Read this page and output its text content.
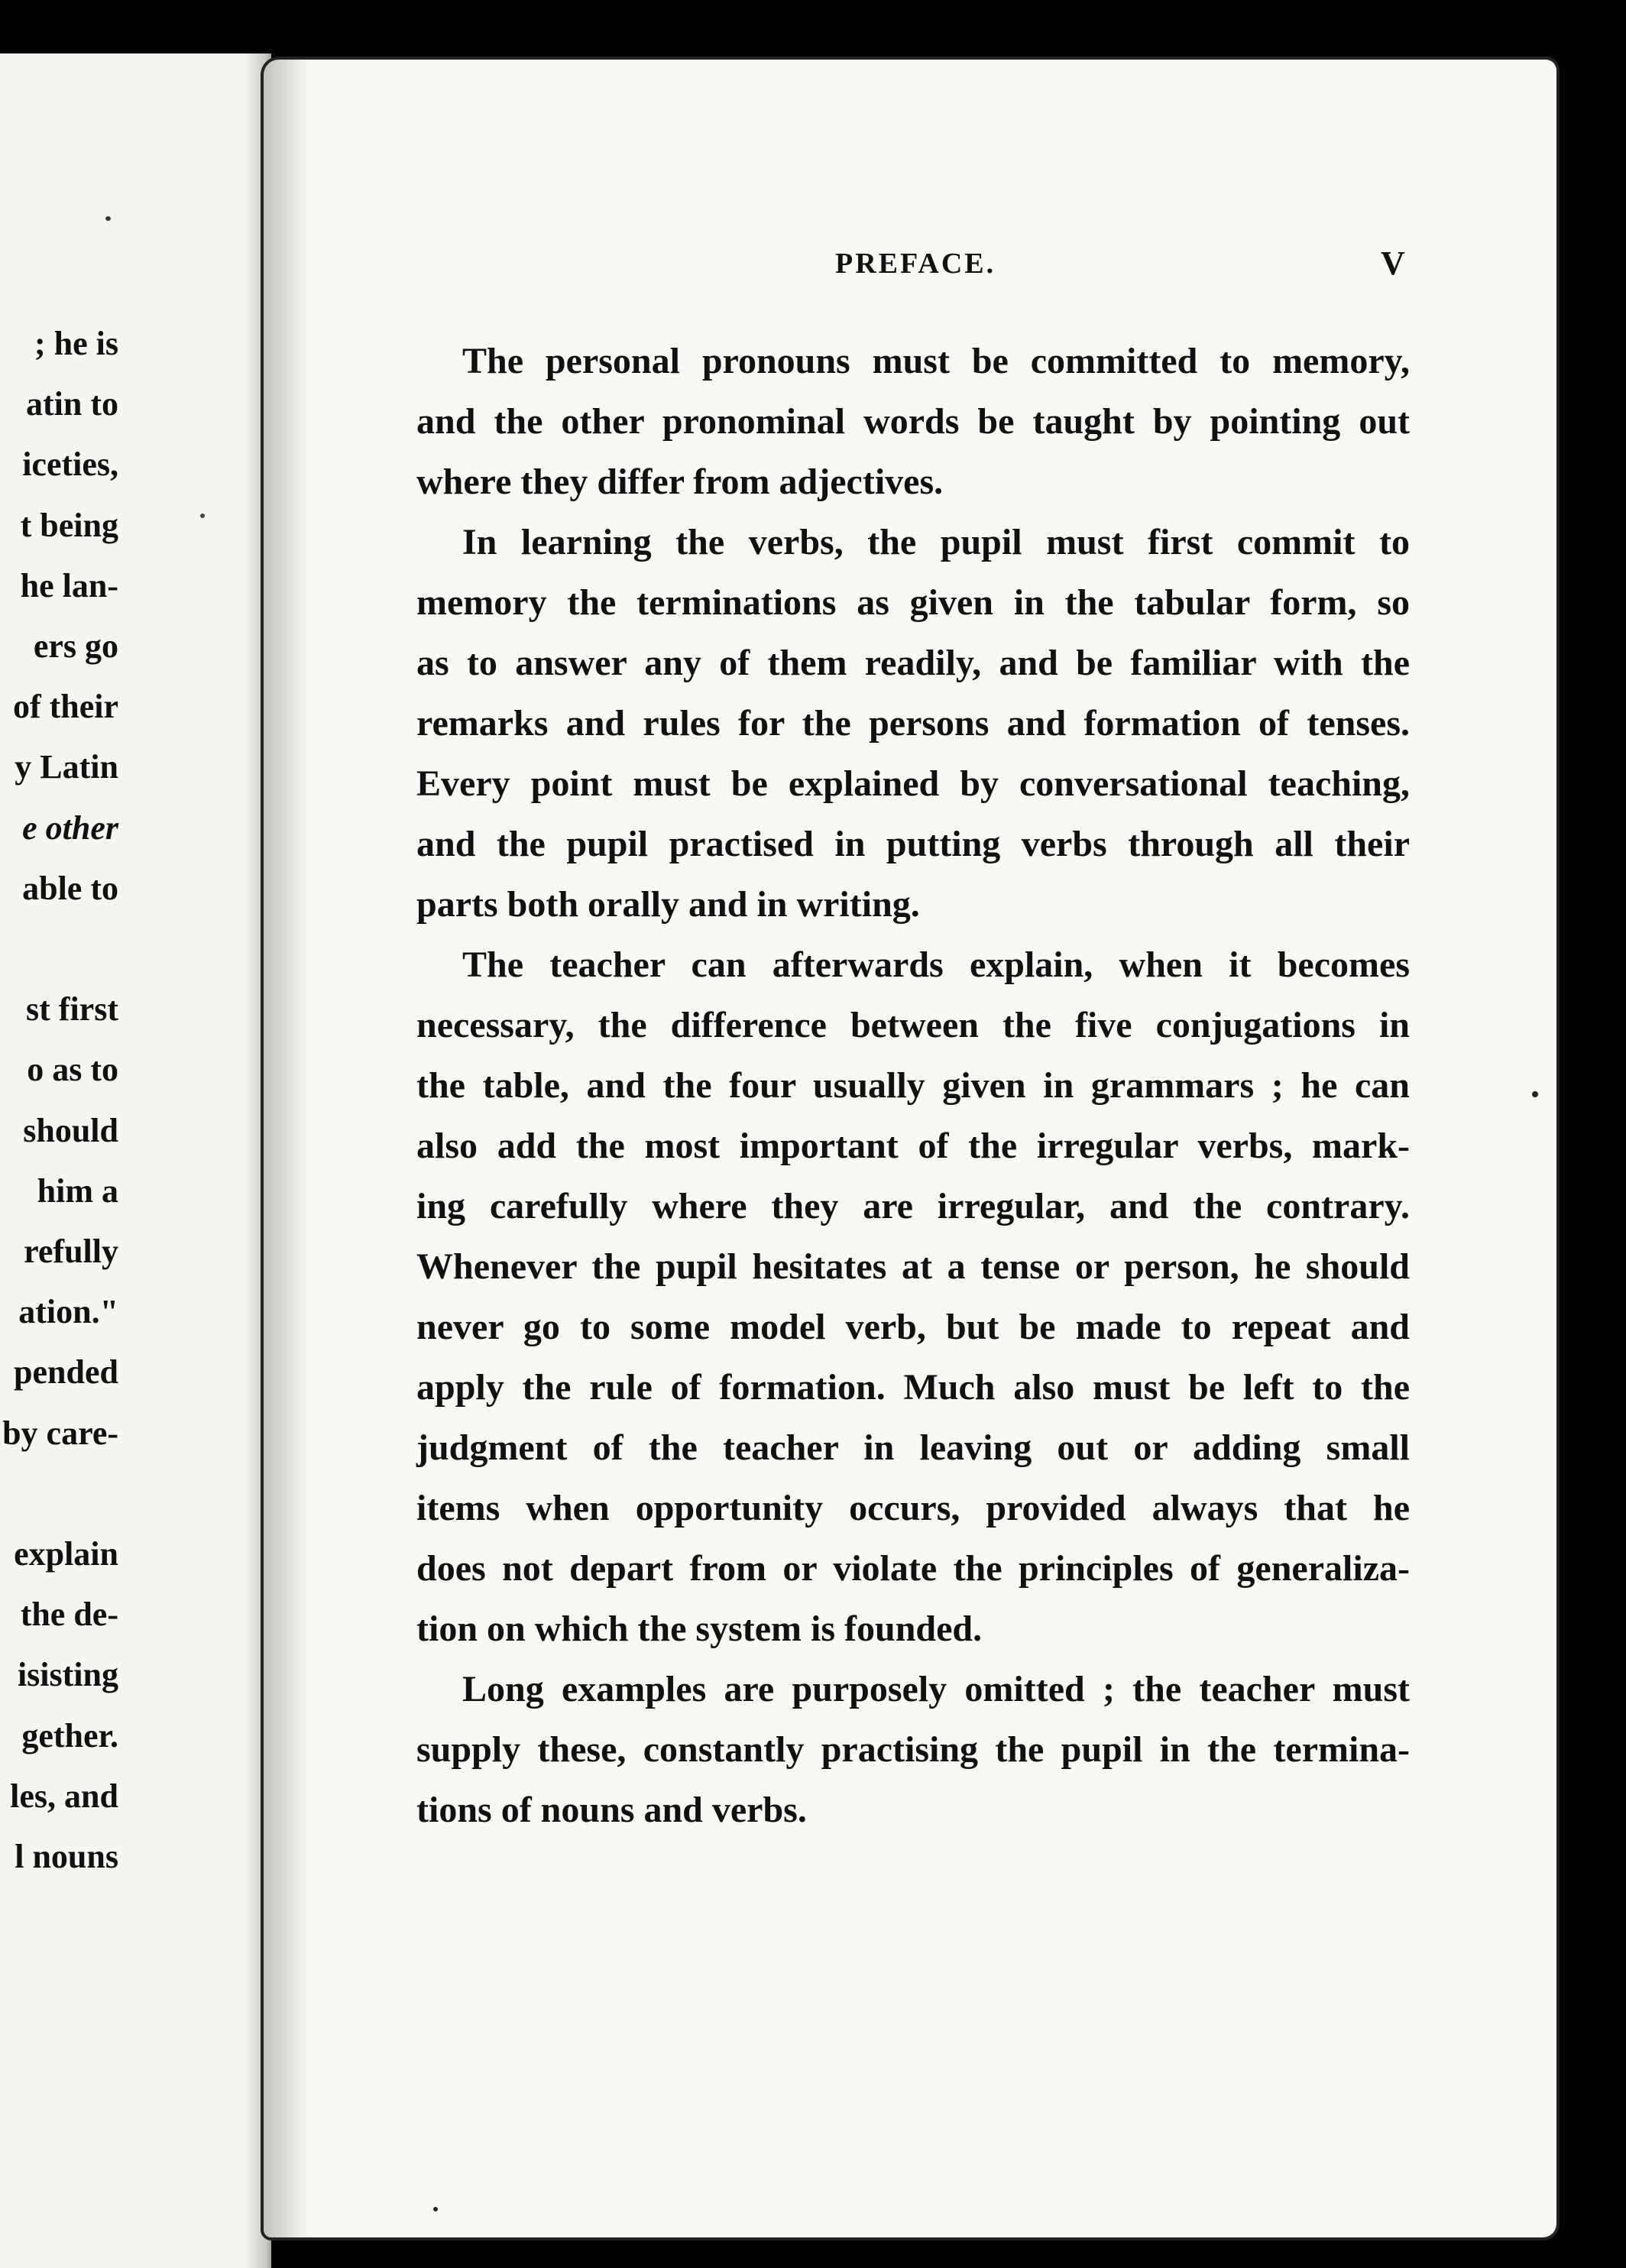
; he is
atin to
iceties,
t being
he lan-
ers go
of their
y Latin
e other
able to
st first
o as to
should
him a
refully
ation."
pended
by care-
explain
the de-
isisting
gether.
les, and
l nouns
PREFACE.	V
The personal pronouns must be committed to memory,
and the other pronominal words be taught by pointing out
where they differ from adjectives.
In learning the verbs, the pupil must first commit to
memory the terminations as given in the tabular form, so
as to answer any of them readily, and be familiar with the
remarks and rules for the persons and formation of tenses.
Every point must be explained by conversational teaching,
and the pupil practised in putting verbs through all their
parts both orally and in writing.
The teacher can afterwards explain, when it becomes
necessary, the difference between the five conjugations in
the table, and the four usually given in grammars ; he can
also add the most important of the irregular verbs, mark-
ing carefully where they are irregular, and the contrary.
Whenever the pupil hesitates at a tense or person, he should
never go to some model verb, but be made to repeat and
apply the rule of formation. Much also must be left to the
judgment of the teacher in leaving out or adding small
items when opportunity occurs, provided always that he
does not depart from or violate the principles of generaliza-
tion on which the system is founded.
Long examples are purposely omitted ; the teacher must
supply these, constantly practising the pupil in the termina-
tions of nouns and verbs.
